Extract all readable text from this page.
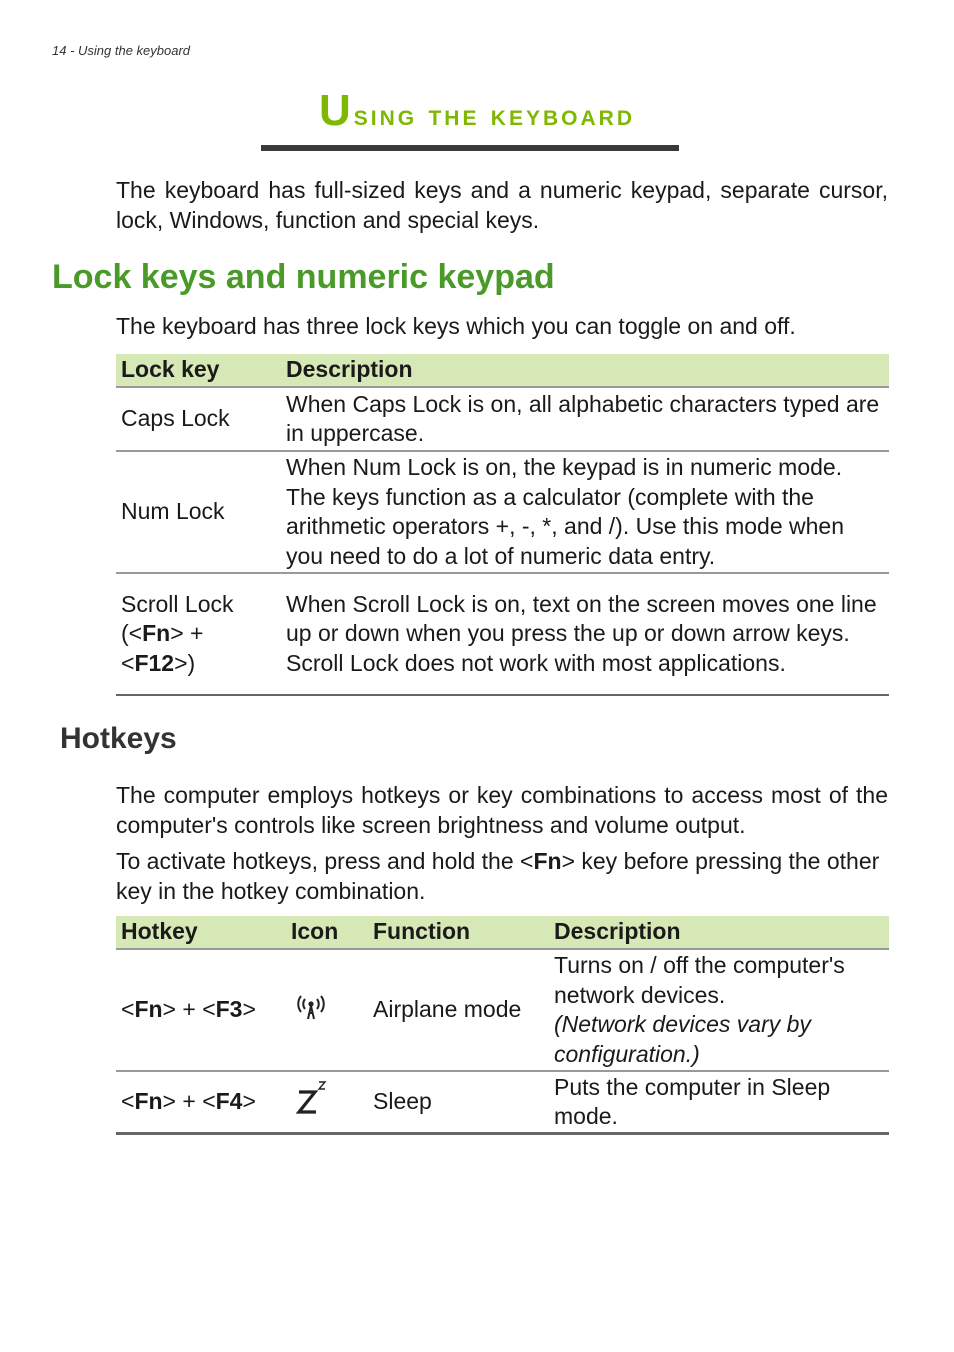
14 - Using the keyboard
Using the keyboard

The keyboard has full-sized keys and a numeric keypad, separate cursor, lock, Windows, function and special keys.

Lock keys and numeric keypad

The keyboard has three lock keys which you can toggle on and off.

Lock key	Description
Caps Lock	When Caps Lock is on, all alphabetic characters typed are in uppercase.
Num Lock	When Num Lock is on, the keypad is in numeric mode. The keys function as a calculator (complete with the arithmetic operators +, -, *, and /). Use this mode when you need to do a lot of numeric data entry.
Scroll Lock
(<Fn> +
<F12>)	When Scroll Lock is on, text on the screen moves one line up or down when you press the up or down arrow keys. Scroll Lock does not work with most applications.
Hotkeys

The computer employs hotkeys or key combinations to access most of the computer's controls like screen brightness and volume output.

To activate hotkeys, press and hold the <Fn> key before pressing the other key in the hotkey combination.

Hotkey	Icon	Function	Description
<Fn> + <F3>		Airplane mode	Turns on / off the computer's network devices.
(Network devices vary by configuration.)
<Fn> + <F4>		Sleep	Puts the computer in Sleep mode.
